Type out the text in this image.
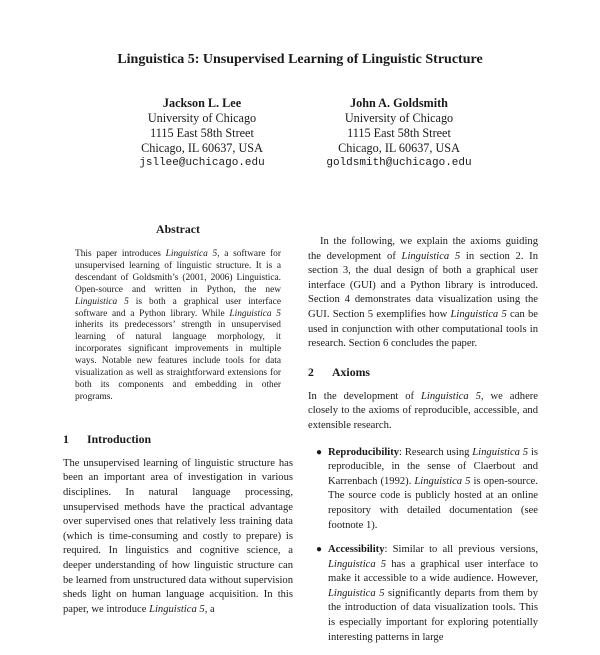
Linguistica 5: Unsupervised Learning of Linguistic Structure
Jackson L. Lee
University of Chicago
1115 East 58th Street
Chicago, IL 60637, USA
jsllee@uchicago.edu
John A. Goldsmith
University of Chicago
1115 East 58th Street
Chicago, IL 60637, USA
goldsmith@uchicago.edu
Abstract

This paper introduces Linguistica 5, a software for unsupervised learning of linguistic structure. It is a descendant of Goldsmith’s (2001, 2006) Linguistica. Open-source and written in Python, the new Linguistica 5 is both a graphical user interface software and a Python library. While Linguistica 5 inherits its predecessors’ strength in unsupervised learning of natural language morphology, it incorporates significant improvements in multiple ways. Notable new features include tools for data visualization as well as straightforward extensions for both its components and embedding in other programs.

1 Introduction

The unsupervised learning of linguistic structure has been an important area of investigation in various disciplines. In natural language processing, unsupervised methods have the practical advantage over supervised ones that relatively less training data (which is time-consuming and costly to prepare) is required. In linguistics and cognitive science, a deeper understanding of how linguistic structure can be learned from unstructured data without supervision sheds light on human language acquisition. In this paper, we introduce Linguistica 5, a

In the following, we explain the axioms guiding the development of Linguistica 5 in section 2. In section 3, the dual design of both a graphical user interface (GUI) and a Python library is introduced. Section 4 demonstrates data visualization using the GUI. Section 5 exemplifies how Linguistica 5 can be used in conjunction with other computational tools in research. Section 6 concludes the paper.

2 Axioms

In the development of Linguistica 5, we adhere closely to the axioms of reproducible, accessible, and extensible research.

● Reproducibility: Research using Linguistica 5 is reproducible, in the sense of Claerbout and Karrenbach (1992). Linguistica 5 is open-source. The source code is publicly hosted at an online repository with detailed documentation (see footnote 1).
● Accessibility: Similar to all previous versions, Linguistica 5 has a graphical user interface to make it accessible to a wide audience. However, Linguistica 5 significantly departs from them by the introduction of data visualization tools. This is especially important for exploring potentially interesting patterns in large
